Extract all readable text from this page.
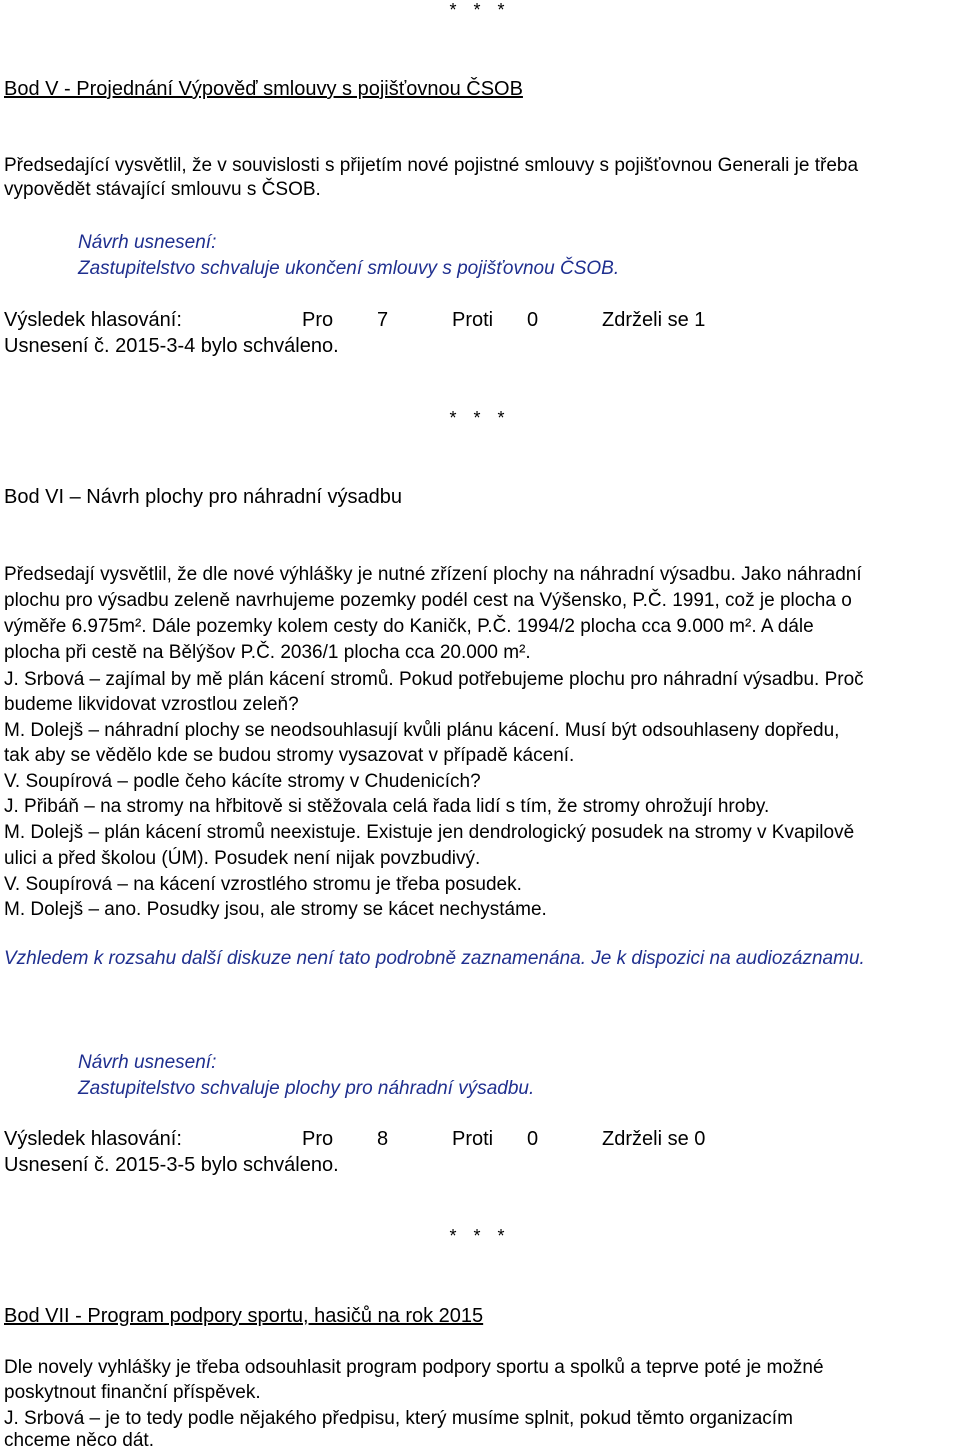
* * *
Bod V - Projednání Výpověď smlouvy s pojišťovnou ČSOB
Předsedající vysvětlil, že v souvislosti s přijetím nové pojistné smlouvy s pojišťovnou Generali je třeba
vypovědět stávající smlouvu s ČSOB.
Návrh usnesení:
Zastupitelstvo schvaluje ukončení smlouvy s pojišťovnou ČSOB.
Výsledek hlasování:	Pro 7	Proti 0	Zdrželi se 1
Usnesení č. 2015-3-4 bylo schváleno.
* * *
Bod VI – Návrh plochy pro náhradní výsadbu
Předsedají vysvětlil, že dle nové výhlášky je nutné zřízení plochy na náhradní výsadbu. Jako náhradní
plochu pro výsadbu zeleně navrhujeme pozemky podél cest na Výšensko, P.Č. 1991, což je plocha o
výměře 6.975m². Dále pozemky kolem cesty do Kaničk, P.Č. 1994/2 plocha cca 9.000 m². A dále
plocha při cestě na Bělýšov P.Č. 2036/1 plocha cca 20.000 m².
J. Srbová – zajímal by mě plán kácení stromů. Pokud potřebujeme plochu pro náhradní výsadbu. Proč
budeme likvidovat vzrostlou zeleň?
M. Dolejš – náhradní plochy se neodsouhlasují kvůli plánu kácení. Musí být odsouhlaseny dopředu,
tak aby se vědělo kde se budou stromy vysazovat v případě kácení.
V. Soupírová – podle čeho kácíte stromy v Chudenicích?
J. Přibáň – na stromy na hřbitově si stěžovala celá řada lidí s tím, že stromy ohrožují hroby.
M. Dolejš – plán kácení stromů neexistuje. Existuje jen dendrologický posudek na stromy v Kvapilově
ulici a před školou (ÚM). Posudek není nijak povzbudivý.
V. Soupírová – na kácení vzrostlého stromu je třeba posudek.
M. Dolejš – ano. Posudky jsou, ale stromy se kácet nechystáme.
Vzhledem k rozsahu další diskuze není tato podrobně zaznamenána. Je k dispozici na audiozáznamu.
Návrh usnesení:
Zastupitelstvo schvaluje plochy pro náhradní výsadbu.
Výsledek hlasování:	Pro 8	Proti 0	Zdrželi se 0
Usnesení č. 2015-3-5 bylo schváleno.
* * *
Bod VII - Program podpory sportu, hasičů na rok 2015
Dle novely vyhlášky je třeba odsouhlasit program podpory sportu a spolků a teprve poté je možné
poskytnout finanční příspěvek.
J. Srbová – je to tedy podle nějakého předpisu, který musíme splnit, pokud těmto organizacím
chceme něco dát.
